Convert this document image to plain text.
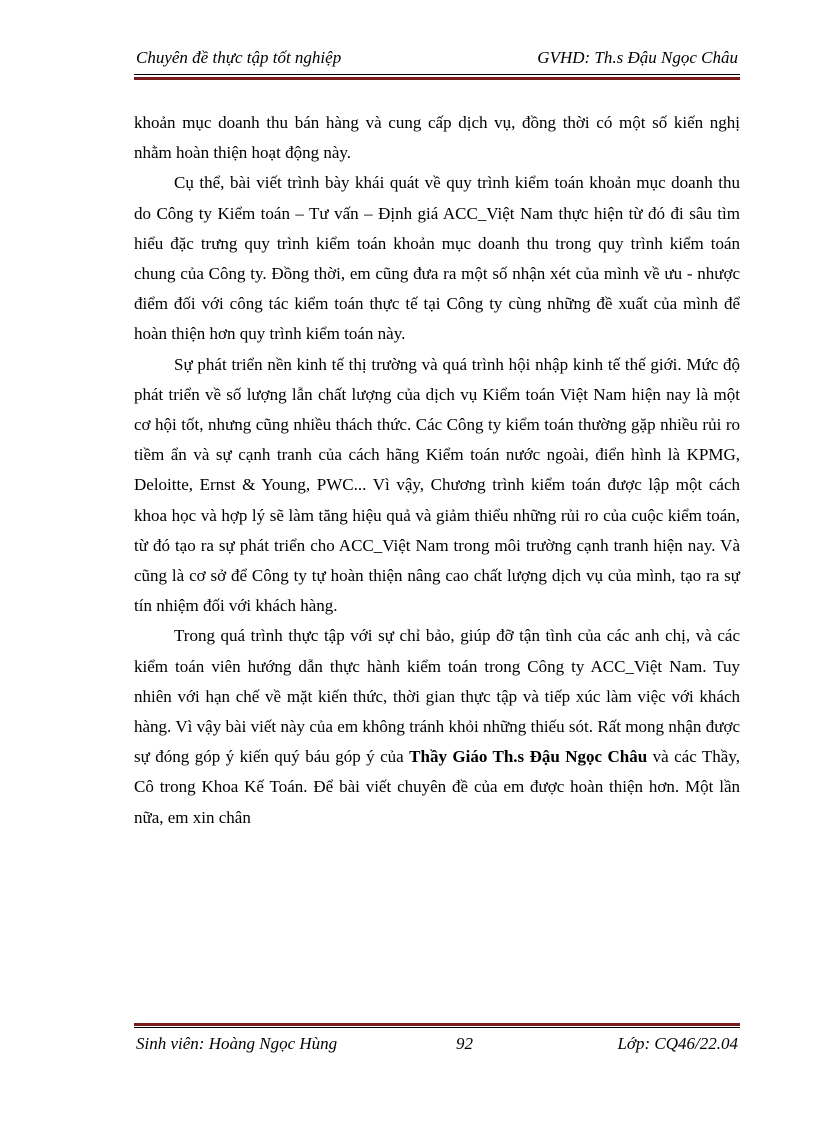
Chuyên đề thực tập tốt nghiệp	GVHD: Th.s Đậu Ngọc Châu

khoản mục doanh thu bán hàng và cung cấp dịch vụ, đồng thời có một số kiến nghị nhằm hoàn thiện hoạt động này.

Cụ thể, bài viết trình bày khái quát về quy trình kiểm toán khoản mục doanh thu do Công ty Kiểm toán – Tư vấn – Định giá ACC_Việt Nam thực hiện từ đó đi sâu tìm hiểu đặc trưng quy trình kiểm toán khoản mục doanh thu trong quy trình kiểm toán chung của Công ty. Đồng thời, em cũng đưa ra một số nhận xét của mình về ưu - nhược điểm đối với công tác kiểm toán thực tế tại Công ty cùng những đề xuất của mình để hoàn thiện hơn quy trình kiểm toán này.

Sự phát triển nền kinh tế thị trường và quá trình hội nhập kinh tế thế giới. Mức độ phát triển về số lượng lẫn chất lượng của dịch vụ Kiểm toán Việt Nam hiện nay là một cơ hội tốt, nhưng cũng nhiều thách thức. Các Công ty kiểm toán thường gặp nhiều rủi ro tiềm ẩn và sự cạnh tranh của cách hãng Kiểm toán nước ngoài, điển hình là KPMG, Deloitte, Ernst & Young, PWC... Vì vậy, Chương trình kiểm toán được lập một cách khoa học và hợp lý sẽ làm tăng hiệu quả và giảm thiểu những rủi ro của cuộc kiểm toán, từ đó tạo ra sự phát triển cho ACC_Việt Nam trong môi trường cạnh tranh hiện nay. Và cũng là cơ sở để Công ty tự hoàn thiện nâng cao chất lượng dịch vụ của mình, tạo ra sự tín nhiệm đối với khách hàng.

Trong quá trình thực tập với sự chỉ bảo, giúp đỡ tận tình của các anh chị, và các kiểm toán viên hướng dẫn thực hành kiểm toán trong Công ty ACC_Việt Nam. Tuy nhiên với hạn chế về mặt kiến thức, thời gian thực tập và tiếp xúc làm việc với khách hàng. Vì vậy bài viết này của em không tránh khỏi những thiếu sót. Rất mong nhận được sự đóng góp ý kiến quý báu góp ý của Thầy Giáo Th.s Đậu Ngọc Châu và các Thầy, Cô trong Khoa Kế Toán. Để bài viết chuyên đề của em được hoàn thiện hơn. Một lần nữa, em xin chân

Sinh viên: Hoàng Ngọc Hùng	92	Lớp: CQ46/22.04
